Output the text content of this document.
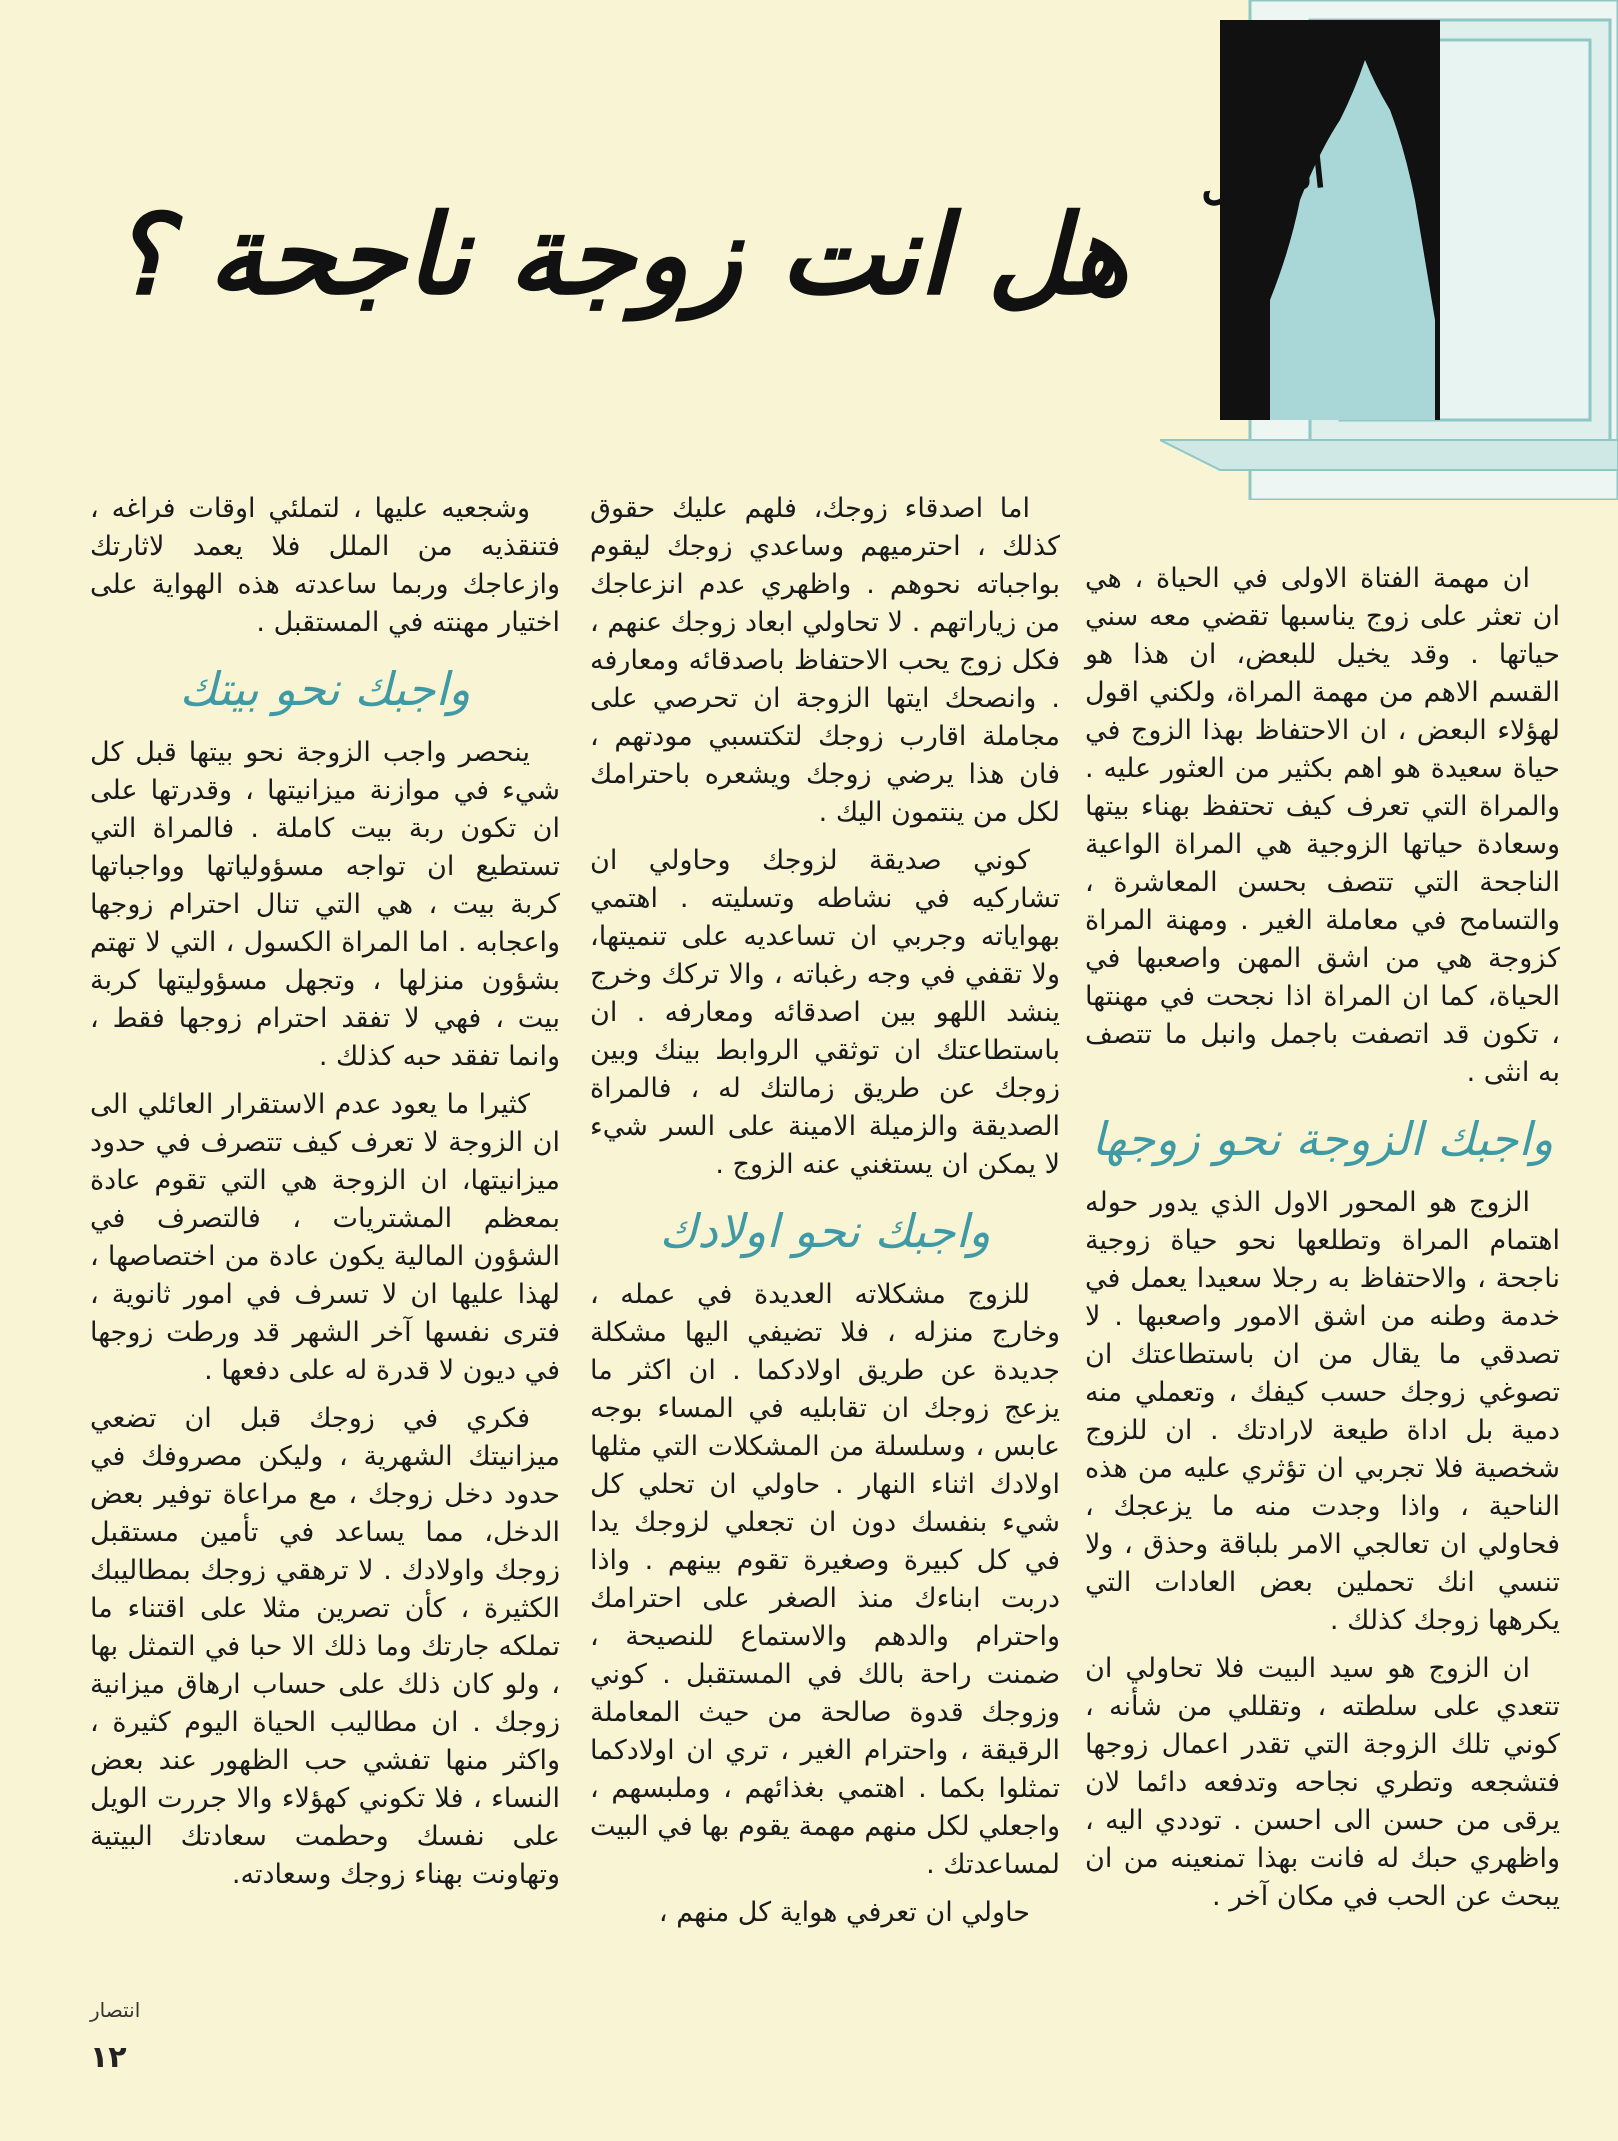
ركن المنزل
هل انت زوجة ناجحة ؟

ان مهمة الفتاة الاولى في الحياة ، هي ان تعثر على زوج يناسبها تقضي معه سني حياتها . وقد يخيل للبعض، ان هذا هو القسم الاهم من مهمة المراة، ولكني اقول لهؤلاء البعض ، ان الاحتفاظ بهذا الزوج في حياة سعيدة هو اهم بكثير من العثور عليه . والمراة التي تعرف كيف تحتفظ بهناء بيتها وسعادة حياتها الزوجية هي المراة الواعية الناجحة التي تتصف بحسن المعاشرة ، والتسامح في معاملة الغير . ومهنة المراة كزوجة هي من اشق المهن واصعبها في الحياة، كما ان المراة اذا نجحت في مهنتها ، تكون قد اتصفت باجمل وانبل ما تتصف به انثى .

واجبك الزوجة نحو زوجها

الزوج هو المحور الاول الذي يدور حوله اهتمام المراة وتطلعها نحو حياة زوجية ناجحة ، والاحتفاظ به رجلا سعيدا يعمل في خدمة وطنه من اشق الامور واصعبها . لا تصدقي ما يقال من ان باستطاعتك ان تصوغي زوجك حسب كيفك ، وتعملي منه دمية بل اداة طيعة لارادتك . ان للزوج شخصية فلا تجربي ان تؤثري عليه من هذه الناحية ، واذا وجدت منه ما يزعجك ، فحاولي ان تعالجي الامر بلباقة وحذق ، ولا تنسي انك تحملين بعض العادات التي يكرهها زوجك كذلك .

ان الزوج هو سيد البيت فلا تحاولي ان تتعدي على سلطته ، وتقللي من شأنه ، كوني تلك الزوجة التي تقدر اعمال زوجها فتشجعه وتطري نجاحه وتدفعه دائما لان يرقى من حسن الى احسن . توددي اليه ، واظهري حبك له فانت بهذا تمنعينه من ان يبحث عن الحب في مكان آخر .

اما اصدقاء زوجك، فلهم عليك حقوق كذلك ، احترميهم وساعدي زوجك ليقوم بواجباته نحوهم . واظهري عدم انزعاجك من زياراتهم . لا تحاولي ابعاد زوجك عنهم ، فكل زوج يحب الاحتفاظ باصدقائه ومعارفه . وانصحك ايتها الزوجة ان تحرصي على مجاملة اقارب زوجك لتكتسبي مودتهم ، فان هذا يرضي زوجك ويشعره باحترامك لكل من ينتمون اليك .

كوني صديقة لزوجك وحاولي ان تشاركيه في نشاطه وتسليته . اهتمي بهواياته وجربي ان تساعديه على تنميتها، ولا تقفي في وجه رغباته ، والا تركك وخرج ينشد اللهو بين اصدقائه ومعارفه . ان باستطاعتك ان توثقي الروابط بينك وبين زوجك عن طريق زمالتك له ، فالمراة الصديقة والزميلة الامينة على السر شيء لا يمكن ان يستغني عنه الزوج .

واجبك نحو اولادك

للزوج مشكلاته العديدة في عمله ، وخارج منزله ، فلا تضيفي اليها مشكلة جديدة عن طريق اولادكما . ان اكثر ما يزعج زوجك ان تقابليه في المساء بوجه عابس ، وسلسلة من المشكلات التي مثلها اولادك اثناء النهار . حاولي ان تحلي كل شيء بنفسك دون ان تجعلي لزوجك يدا في كل كبيرة وصغيرة تقوم بينهم . واذا دربت ابناءك منذ الصغر على احترامك واحترام والدهم والاستماع للنصيحة ، ضمنت راحة بالك في المستقبل . كوني وزوجك قدوة صالحة من حيث المعاملة الرقيقة ، واحترام الغير ، تري ان اولادكما تمثلوا بكما . اهتمي بغذائهم ، وملبسهم ، واجعلي لكل منهم مهمة يقوم بها في البيت لمساعدتك .

حاولي ان تعرفي هواية كل منهم ،

وشجعيه عليها ، لتملئي اوقات فراغه ، فتنقذيه من الملل فلا يعمد لاثارتك وازعاجك وربما ساعدته هذه الهواية على اختيار مهنته في المستقبل .

واجبك نحو بيتك

ينحصر واجب الزوجة نحو بيتها قبل كل شيء في موازنة ميزانيتها ، وقدرتها على ان تكون ربة بيت كاملة . فالمراة التي تستطيع ان تواجه مسؤولياتها وواجباتها كربة بيت ، هي التي تنال احترام زوجها واعجابه . اما المراة الكسول ، التي لا تهتم بشؤون منزلها ، وتجهل مسؤوليتها كربة بيت ، فهي لا تفقد احترام زوجها فقط ، وانما تفقد حبه كذلك .

كثيرا ما يعود عدم الاستقرار العائلي الى ان الزوجة لا تعرف كيف تتصرف في حدود ميزانيتها، ان الزوجة هي التي تقوم عادة بمعظم المشتريات ، فالتصرف في الشؤون المالية يكون عادة من اختصاصها ، لهذا عليها ان لا تسرف في امور ثانوية ، فترى نفسها آخر الشهر قد ورطت زوجها في ديون لا قدرة له على دفعها .

فكري في زوجك قبل ان تضعي ميزانيتك الشهرية ، وليكن مصروفك في حدود دخل زوجك ، مع مراعاة توفير بعض الدخل، مما يساعد في تأمين مستقبل زوجك واولادك . لا ترهقي زوجك بمطاليبك الكثيرة ، كأن تصرين مثلا على اقتناء ما تملكه جارتك وما ذلك الا حبا في التمثل بها ، ولو كان ذلك على حساب ارهاق ميزانية زوجك . ان مطاليب الحياة اليوم كثيرة ، واكثر منها تفشي حب الظهور عند بعض النساء ، فلا تكوني كهؤلاء والا جررت الويل على نفسك وحطمت سعادتك البيتية وتهاونت بهناء زوجك وسعادته.

انتصار
١٢
